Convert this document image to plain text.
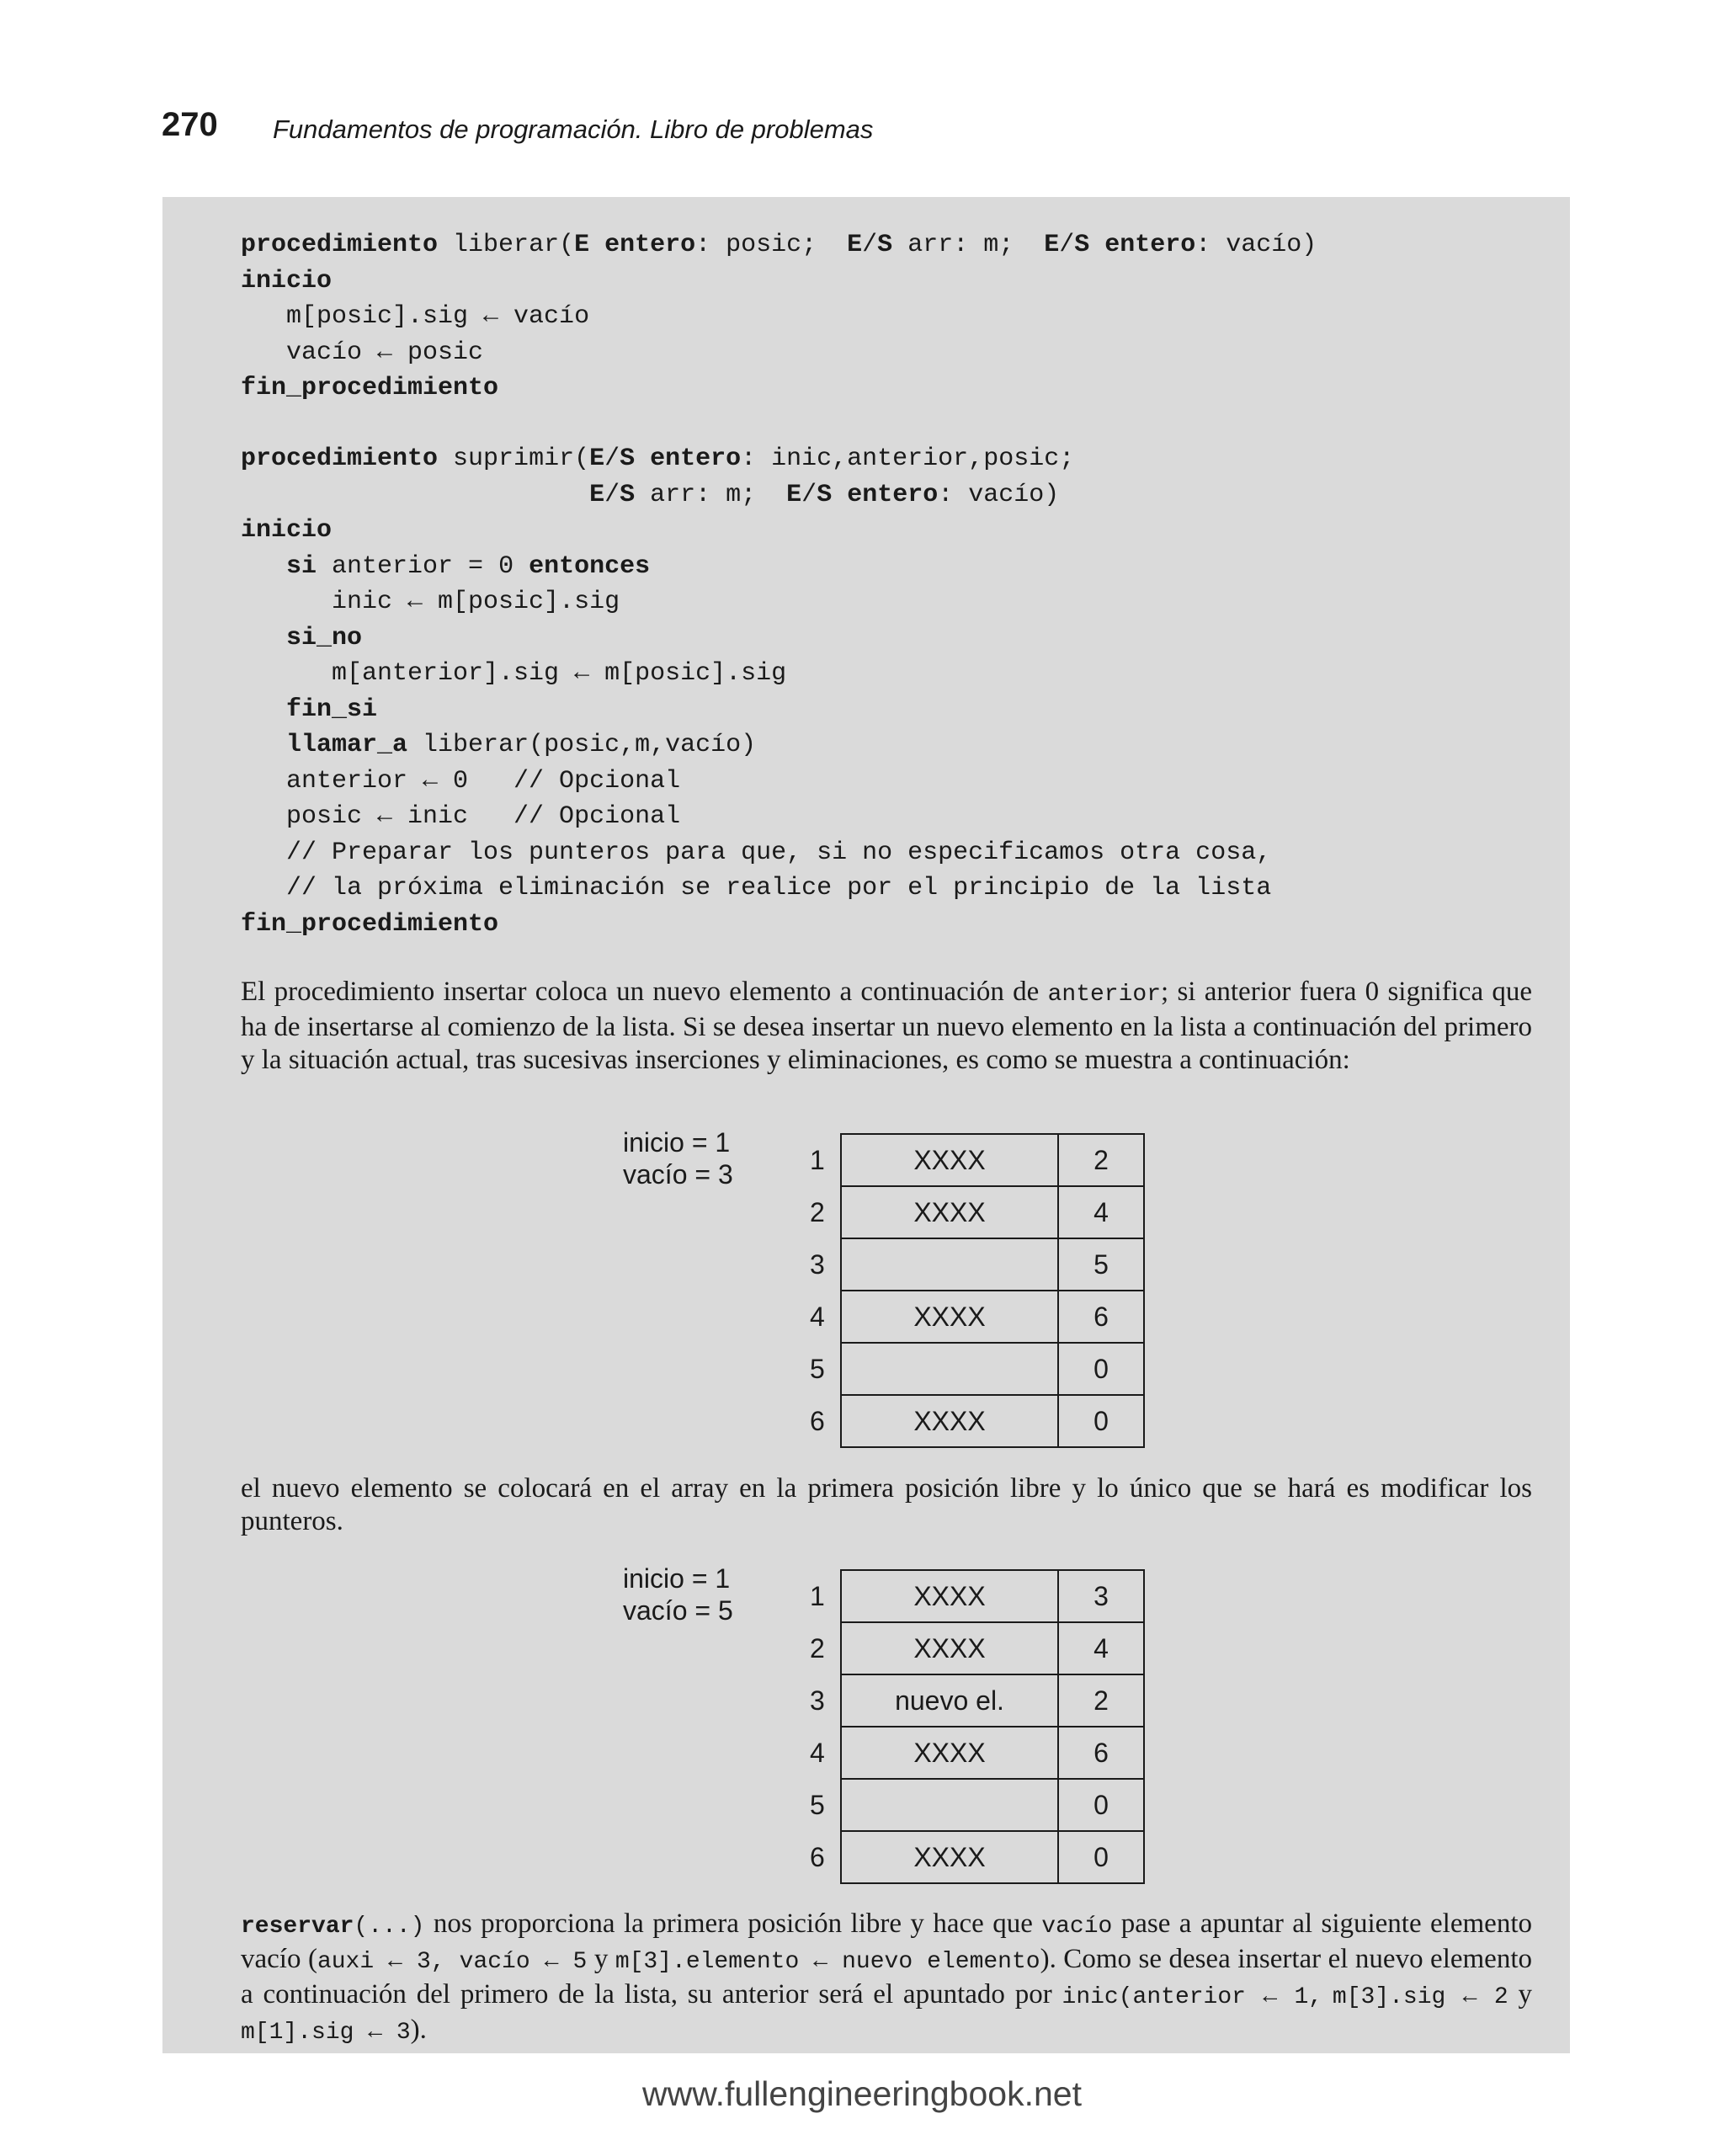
270 Fundamentos de programación. Libro de problemas
procedimiento liberar(E entero: posic;  E/S arr: m;  E/S entero: vacío)
inicio
m[posic].sig ← vacío
vacío ← posic
fin_procedimiento
procedimiento suprimir(E/S entero: inic,anterior,posic;
E/S arr: m;  E/S entero: vacío)
inicio
si anterior = 0 entonces
inic ← m[posic].sig
si_no
m[anterior].sig ← m[posic].sig
fin_si
llamar_a liberar(posic,m,vacío)
anterior ← 0   // Opcional
posic ← inic   // Opcional
// Preparar los punteros para que, si no especificamos otra cosa,
// la próxima eliminación se realice por el principio de la lista
fin_procedimiento
El procedimiento insertar coloca un nuevo elemento a continuación de anterior; si anterior fuera 0 significa que ha de insertarse al comienzo de la lista. Si se desea insertar un nuevo elemento en la lista a continuación del primero y la situación actual, tras sucesivas inserciones y eliminaciones, es como se muestra a continuación:
inicio = 1
vacío = 3	1	XXXX	2
2	XXXX	4
3		5
4	XXXX	6
5		0
6	XXXX	0
el nuevo elemento se colocará en el array en la primera posición libre y lo único que se hará es modificar los punteros.
inicio = 1
vacío = 5	1	XXXX	3
2	XXXX	4
3	nuevo el.	2
4	XXXX	6
5		0
6	XXXX	0
reservar(...) nos proporciona la primera posición libre y hace que vacío pase a apuntar al siguiente elemento vacío (auxi ← 3, vacío ← 5 y m[3].elemento ← nuevo elemento). Como se desea insertar el nuevo elemento a continuación del primero de la lista, su anterior será el apuntado por inic(anterior ← 1, m[3].sig ← 2 y m[1].sig ← 3).
www.fullengineeringbook.net
